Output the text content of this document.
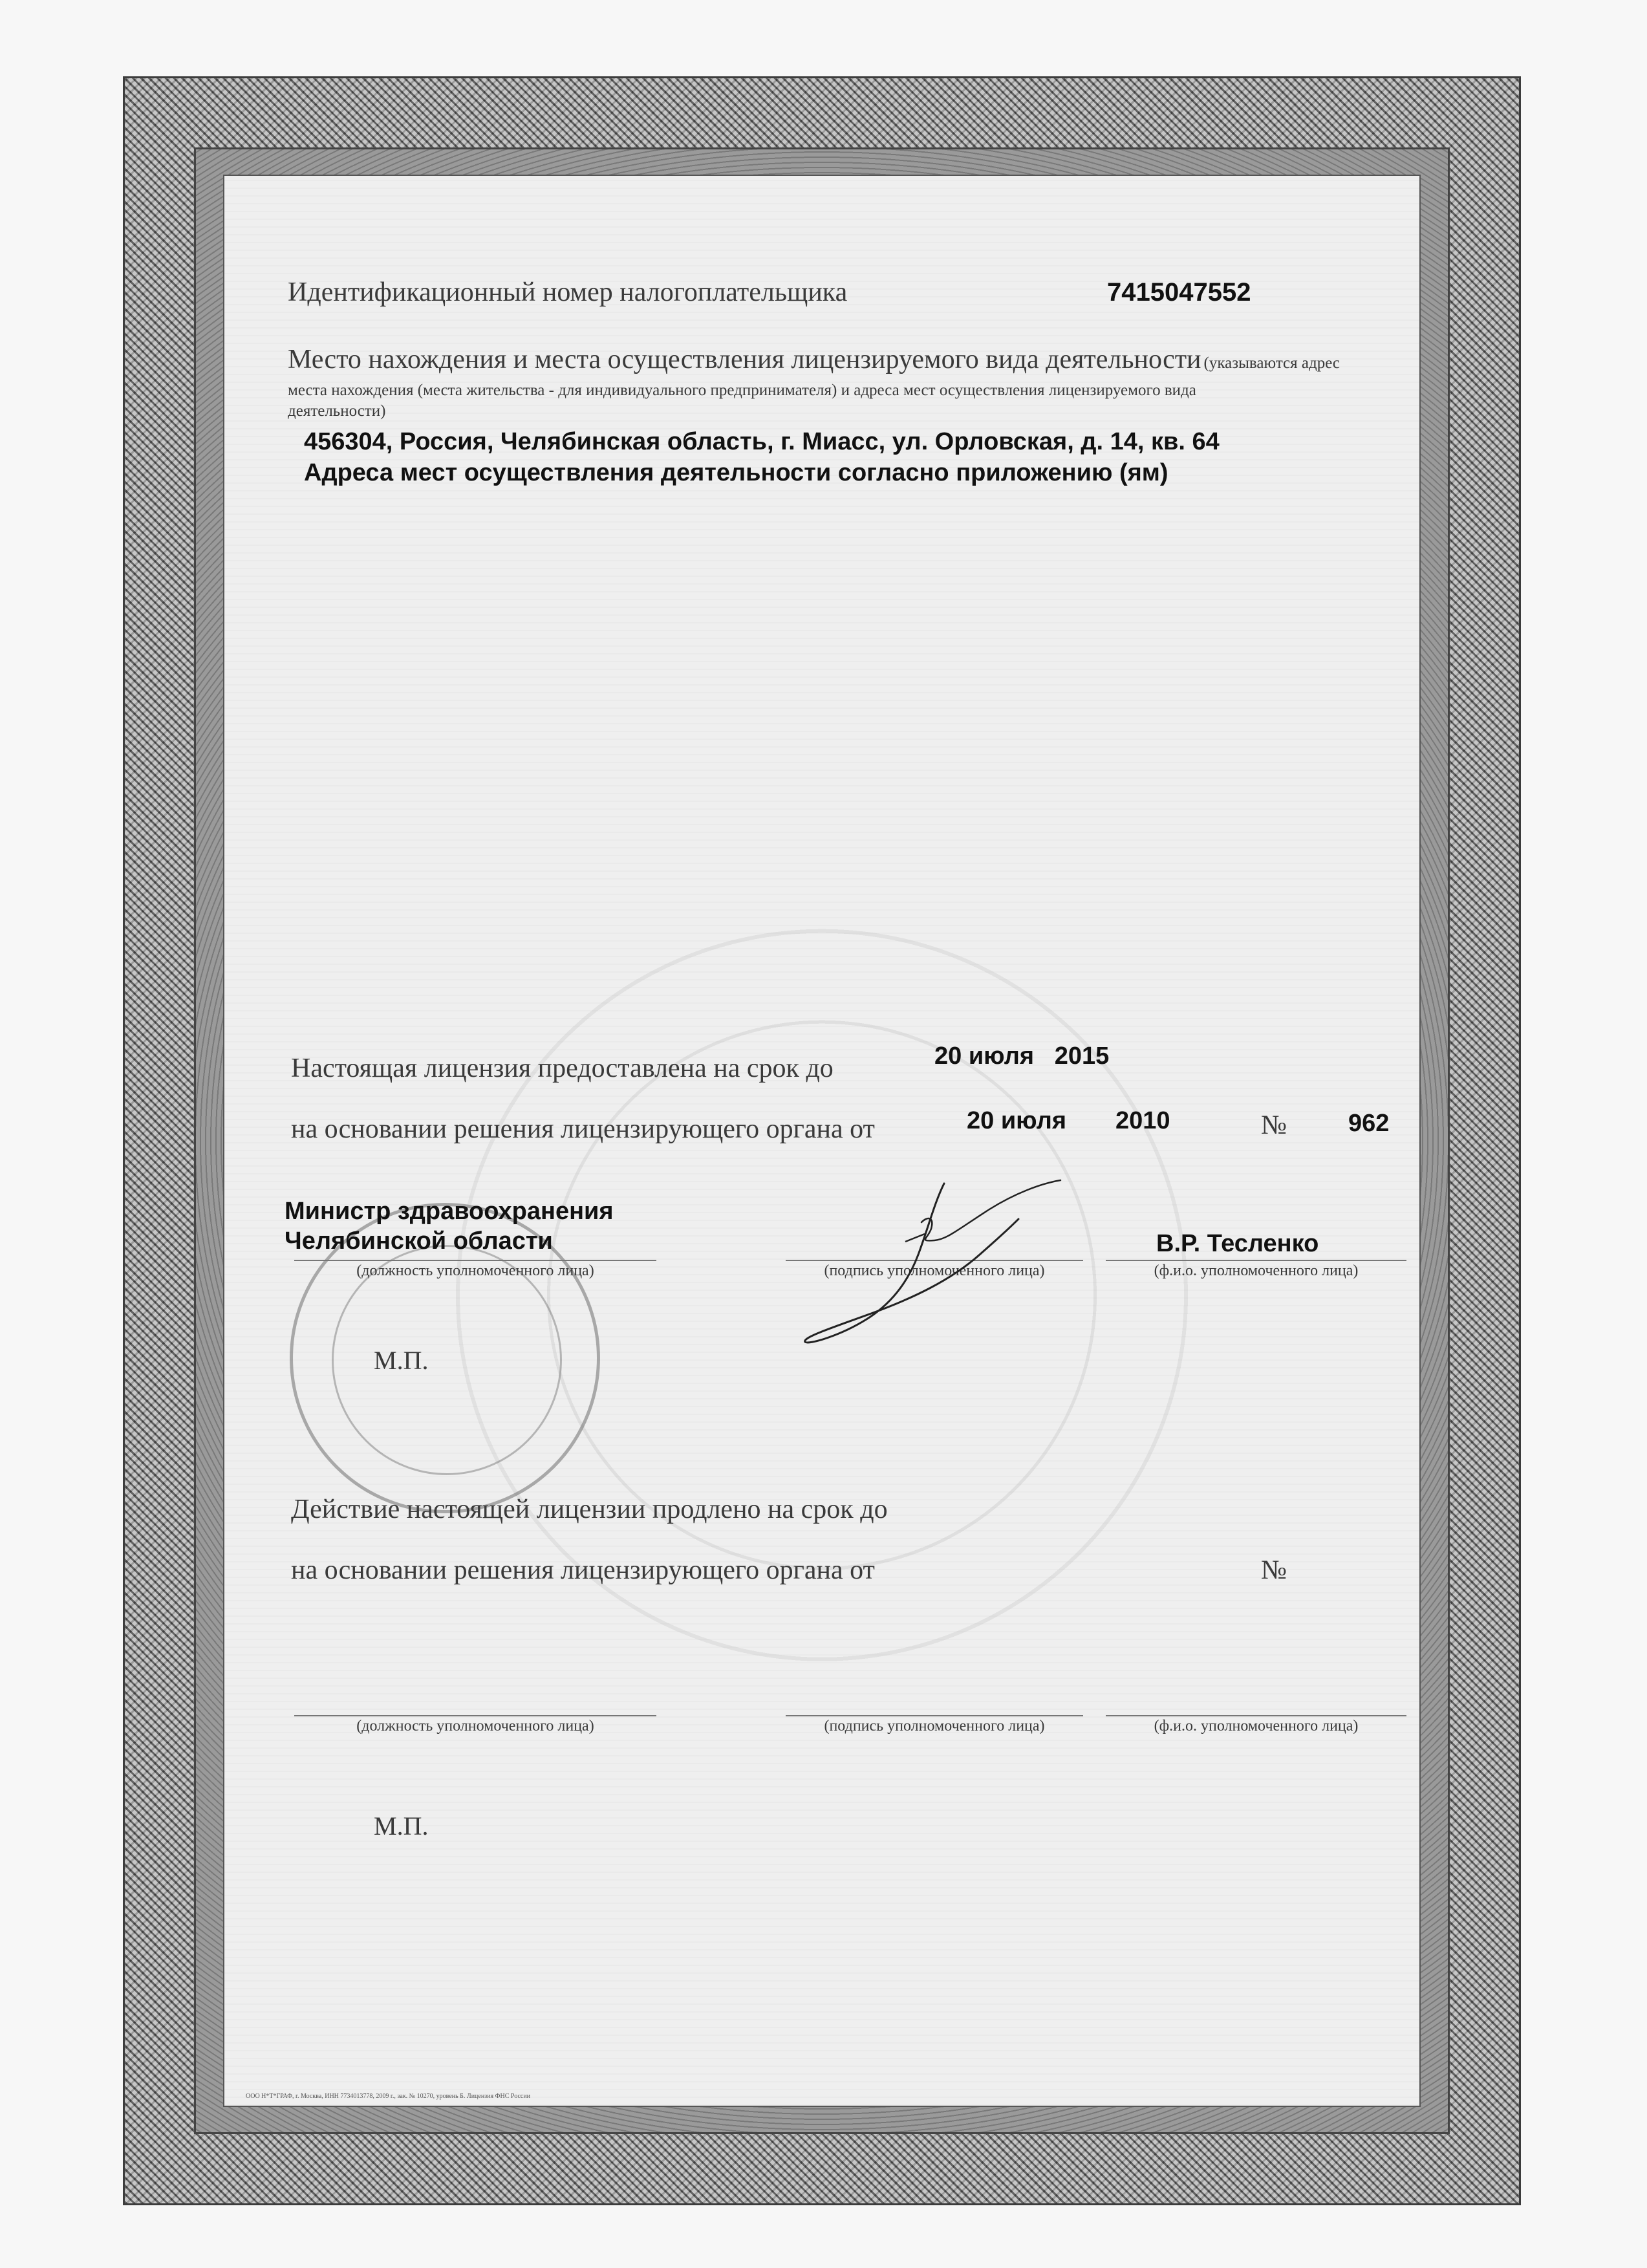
Идентификационный номер налогоплательщика	7415047552
Место нахождения и места осуществления лицензируемого вида деятельности (указываются адрес
места нахождения (места жительства - для индивидуального предпринимателя) и адреса мест осуществления лицензируемого вида
деятельности)
456304, Россия, Челябинская область, г. Миасс, ул. Орловская, д. 14, кв. 64
Адреса мест осуществления деятельности согласно приложению (ям)
Настоящая лицензия предоставлена на срок до	20 июля 2015
на основании решения лицензирующего органа от	20 июля 2010	№ 962
Министр здравоохранения
Челябинской области	В.Р. Тесленко
(должность уполномоченного лица)	(подпись уполномоченного лица)	(ф.и.о. уполномоченного лица)
М.П.
Действие настоящей лицензии продлено на срок до
на основании решения лицензирующего органа от	№
(должность уполномоченного лица)	(подпись уполномоченного лица)	(ф.и.о. уполномоченного лица)
М.П.
ООО Н*Т*ГРАФ, г. Москва, ИНН 7734013778, 2009 г., зак. № 10270, уровень Б. Лицензия ФНС России
